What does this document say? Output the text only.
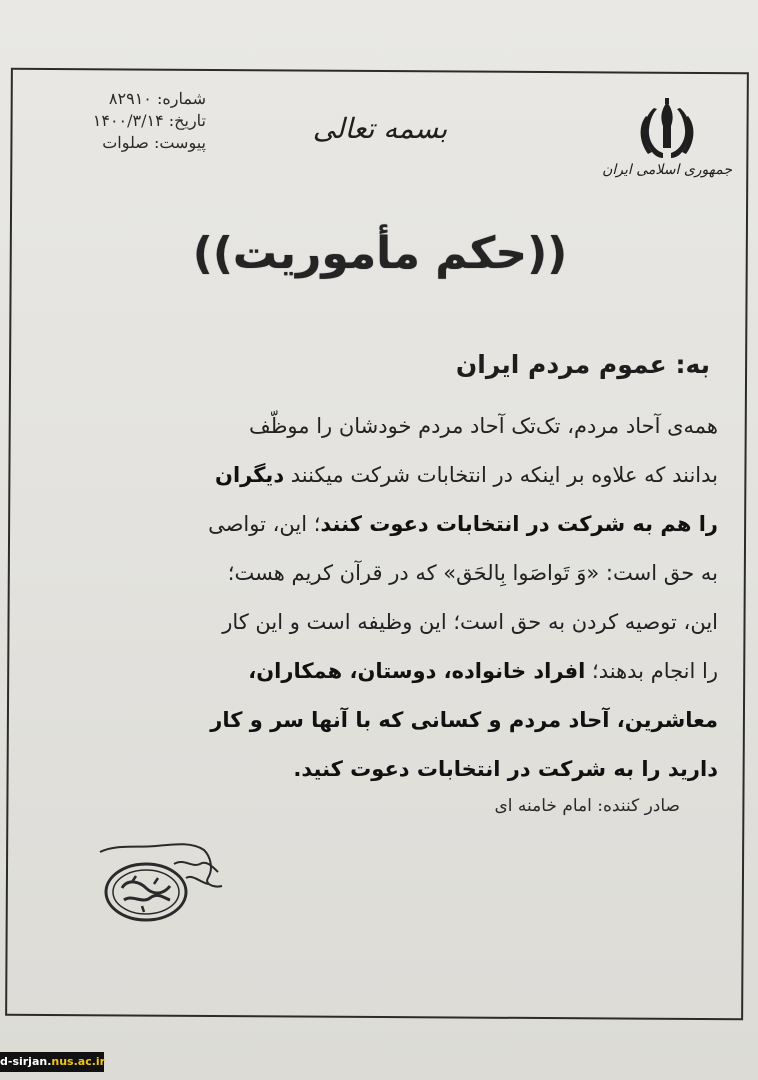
شماره: ۸۲۹۱۰
تاریخ: ۱۴۰۰/۳/۱۴
پیوست: صلوات	بسمه تعالی
جمهوری اسلامی ایران
((حکم مأموریت))
به: عموم مردم ایران
همه‌ی آحاد مردم، تک‌تک آحاد مردم خودشان را موظّف
بدانند که علاوه بر اینکه در انتخابات شرکت میکنند دیگران
را هم به شرکت در انتخابات دعوت کنند؛ این، تواصی
به حق است: «وَ تَواصَوا بِالحَق» که در قرآن کریم هست؛
این، توصیه کردن به حق است؛ این وظیفه است و این کار
را انجام بدهند؛ افراد خانواده، دوستان، همکاران،
معاشرین، آحاد مردم و کسانی که با آنها سر و کار
دارید را به شرکت در انتخابات دعوت کنید.
صادر کننده: امام خامنه ای
d-sirjan.nus.ac.ir
